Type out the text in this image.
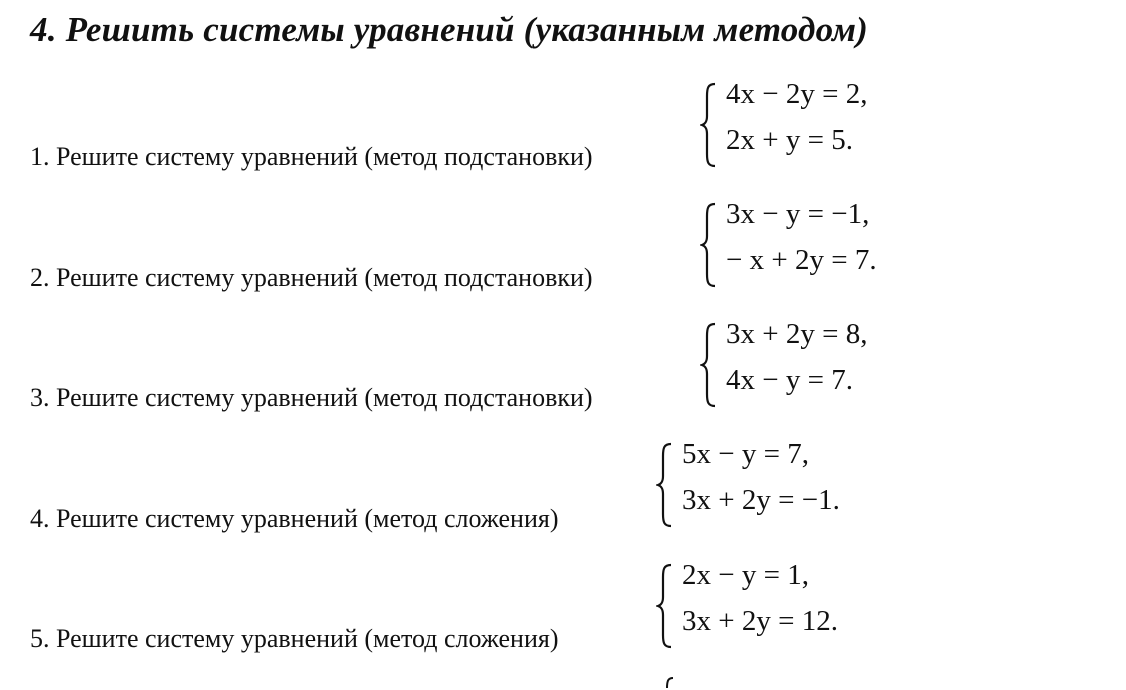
4. Решить системы уравнений (указанным методом)
1. Решите систему уравнений (метод подстановки)
4x − 2y = 2,
2x + y = 5.
2. Решите систему уравнений (метод подстановки)
3x − y = −1,
− x + 2y = 7.
3. Решите систему уравнений (метод подстановки)
3x + 2y = 8,
4x − y = 7.
4. Решите систему уравнений (метод сложения)
5x − y = 7,
3x + 2y = −1.
5. Решите систему уравнений (метод сложения)
2x − y = 1,
3x + 2y = 12.
